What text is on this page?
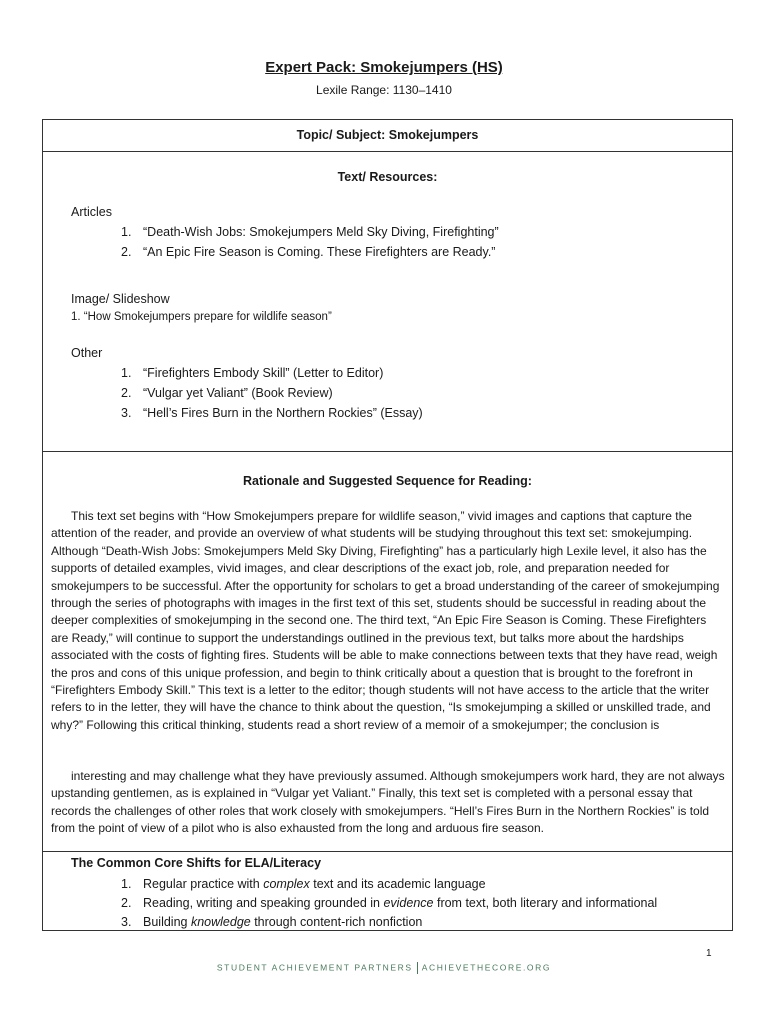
Expert Pack: Smokejumpers (HS)
Lexile Range: 1130–1410
Topic/ Subject: Smokejumpers
Text/ Resources:
Articles
1. “Death-Wish Jobs: Smokejumpers Meld Sky Diving, Firefighting”
2. “An Epic Fire Season is Coming. These Firefighters are Ready.”
Image/ Slideshow
1. “How Smokejumpers prepare for wildlife season”
Other
1. “Firefighters Embody Skill” (Letter to Editor)
2. “Vulgar yet Valiant” (Book Review)
3. “Hell’s Fires Burn in the Northern Rockies” (Essay)
Rationale and Suggested Sequence for Reading:

This text set begins with “How Smokejumpers prepare for wildlife season,” vivid images and captions that capture the attention of the reader, and provide an overview of what students will be studying throughout this text set: smokejumping. Although “Death-Wish Jobs: Smokejumpers Meld Sky Diving, Firefighting” has a particularly high Lexile level, it also has the supports of detailed examples, vivid images, and clear descriptions of the exact job, role, and preparation needed for smokejumpers to be successful. After the opportunity for scholars to get a broad understanding of the career of smokejumping through the series of photographs with images in the first text of this set, students should be successful in reading about the deeper complexities of smokejumping in the second one. The third text, “An Epic Fire Season is Coming. These Firefighters are Ready,” will continue to support the understandings outlined in the previous text, but talks more about the hardships associated with the costs of fighting fires. Students will be able to make connections between texts that they have read, weigh the pros and cons of this unique profession, and begin to think critically about a question that is brought to the forefront in “Firefighters Embody Skill.” This text is a letter to the editor; though students will not have access to the article that the writer refers to in the letter, they will have the chance to think about the question, “Is smokejumping a skilled or unskilled trade, and why?” Following this critical thinking, students read a short review of a memoir of a smokejumper; the conclusion is

interesting and may challenge what they have previously assumed. Although smokejumpers work hard, they are not always upstanding gentlemen, as is explained in “Vulgar yet Valiant.” Finally, this text set is completed with a personal essay that records the challenges of other roles that work closely with smokejumpers. “Hell’s Fires Burn in the Northern Rockies” is told from the point of view of a pilot who is also exhausted from the long and arduous fire season.

The Common Core Shifts for ELA/Literacy
1. Regular practice with complex text and its academic language
2. Reading, writing and speaking grounded in evidence from text, both literary and informational
3. Building knowledge through content-rich nonfiction
1
STUDENT ACHIEVEMENT PARTNERS ACHIEVETHECORE.ORG
